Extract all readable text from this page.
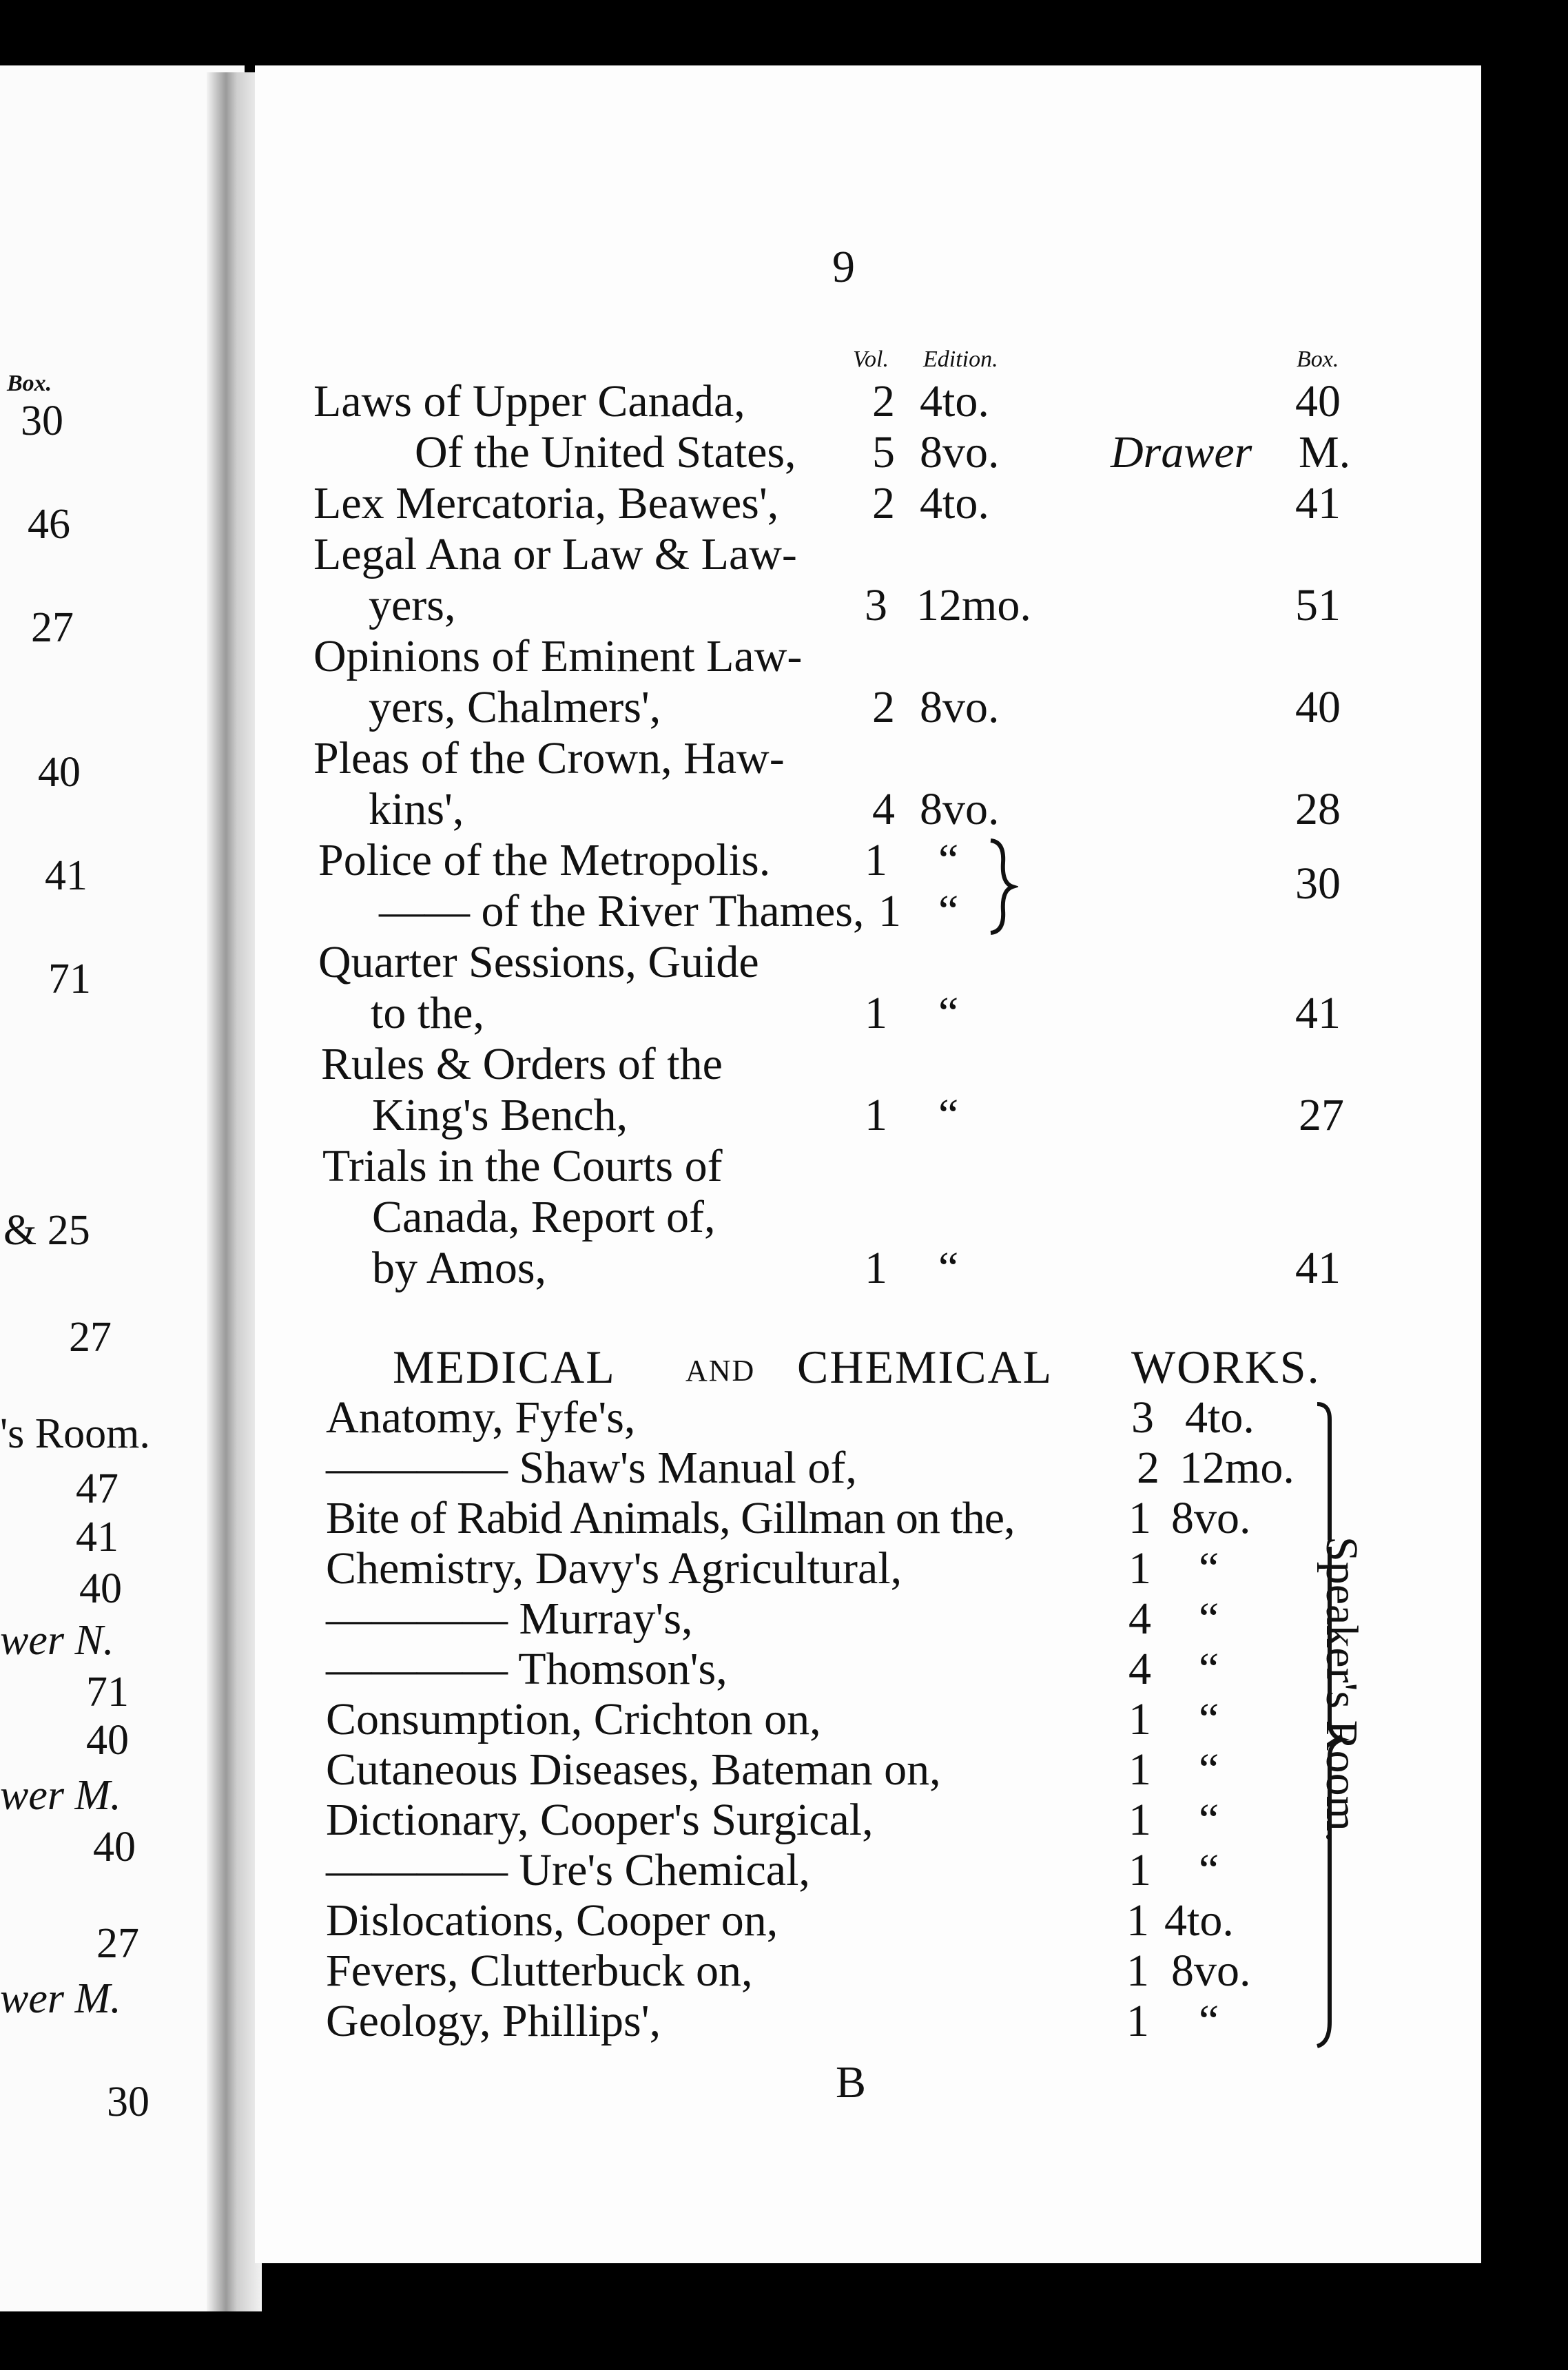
Box.
30
46
27
40
41
71
& 25
27
's Room.
47
41
40
wer N.
71
40
wer M.
40
27
wer M.
30
9
Vol. Edition.	Box.
Laws of Upper Canada,	2 4to.	40
Of the United States, 5 8vo. Drawer M.
Lex Mercatoria, Beawes', 2 4to.	41
Legal Ana or Law & Law-
yers,	3 12mo.	51
Opinions of Eminent Law-
yers, Chalmers',	2 8vo.	40
Pleas of the Crown, Haw-
kins',	4 8vo.	28
Police of the Metropolis. 1 “
—— of the River Thames, 1 “
30
Quarter Sessions, Guide
to the,	1 “	41
Rules & Orders of the
King's Bench,	1 “	27
Trials in the Courts of
Canada, Report of,
by Amos,	1 “	41
MEDICAL AND CHEMICAL WORKS.
Anatomy, Fyfe's,	3 4to.
———— Shaw's Manual of,	2 12mo.
Bite of Rabid Animals, Gillman on the,	1 8vo.
Chemistry, Davy's Agricultural,	1 “
———— Murray's,	4 “
———— Thomson's,	4 “
Consumption, Crichton on,	1 “
Cutaneous Diseases, Bateman on,	1 “
Dictionary, Cooper's Surgical,	1 “
———— Ure's Chemical,	1 “
Dislocations, Cooper on,	1 4to.
Fevers, Clutterbuck on,	1 8vo.
Geology, Phillips',	1 “
Speaker's Room.
B
